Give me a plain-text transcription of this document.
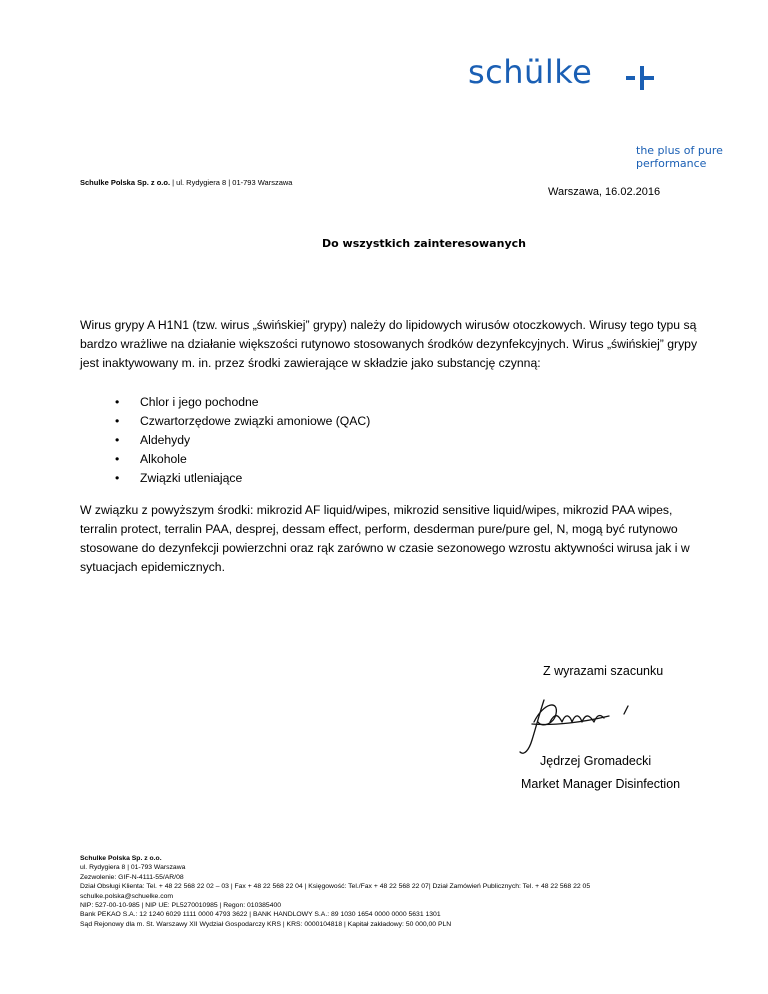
schülke
the plus of pure
performance
Schulke Polska Sp. z o.o. | ul. Rydygiera 8 | 01-793 Warszawa
Warszawa, 16.02.2016
Do wszystkich zainteresowanych
Wirus grypy A H1N1 (tzw. wirus „świńskiej” grypy) należy do lipidowych wirusów otoczkowych. Wirusy tego typu są bardzo wrażliwe na działanie większości rutynowo stosowanych środków dezynfekcyjnych. Wirus „świńskiej” grypy jest inaktywowany m. in. przez środki zawierające w składzie jako substancję czynną:
• Chlor i jego pochodne
• Czwartorzędowe związki amoniowe (QAC)
• Aldehydy
• Alkohole
• Związki utleniające
W związku z powyższym środki: mikrozid AF liquid/wipes, mikrozid sensitive liquid/wipes, mikrozid PAA wipes, terralin protect, terralin PAA, desprej, dessam effect, perform, desderman pure/pure gel, N, mogą być rutynowo stosowane do dezynfekcji powierzchni oraz rąk zarówno w czasie sezonowego wzrostu aktywności wirusa jak i w sytuacjach epidemicznych.
Z wyrazami szacunku
Jędrzej Gromadecki
Market Manager Disinfection
Schulke Polska Sp. z o.o.
ul. Rydygiera 8 | 01-793 Warszawa
Zezwolenie: GIF-N-4111-55/AR/08
Dział Obsługi Klienta: Tel. + 48 22 568 22 02 – 03 | Fax + 48 22 568 22 04 | Księgowość: Tel./Fax + 48 22 568 22 07| Dział Zamówień Publicznych: Tel. + 48 22 568 22 05
schulke.polska@schuelke.com
NIP: 527-00-10-985 | NIP UE: PL5270010985 | Regon: 010385400
Bank PEKAO S.A.: 12 1240 6029 1111 0000 4793 3622 | BANK HANDLOWY S.A.: 89 1030 1654 0000 0000 5631 1301
Sąd Rejonowy dla m. St. Warszawy XII Wydział Gospodarczy KRS | KRS: 0000104818 | Kapitał zakładowy: 50 000,00 PLN
